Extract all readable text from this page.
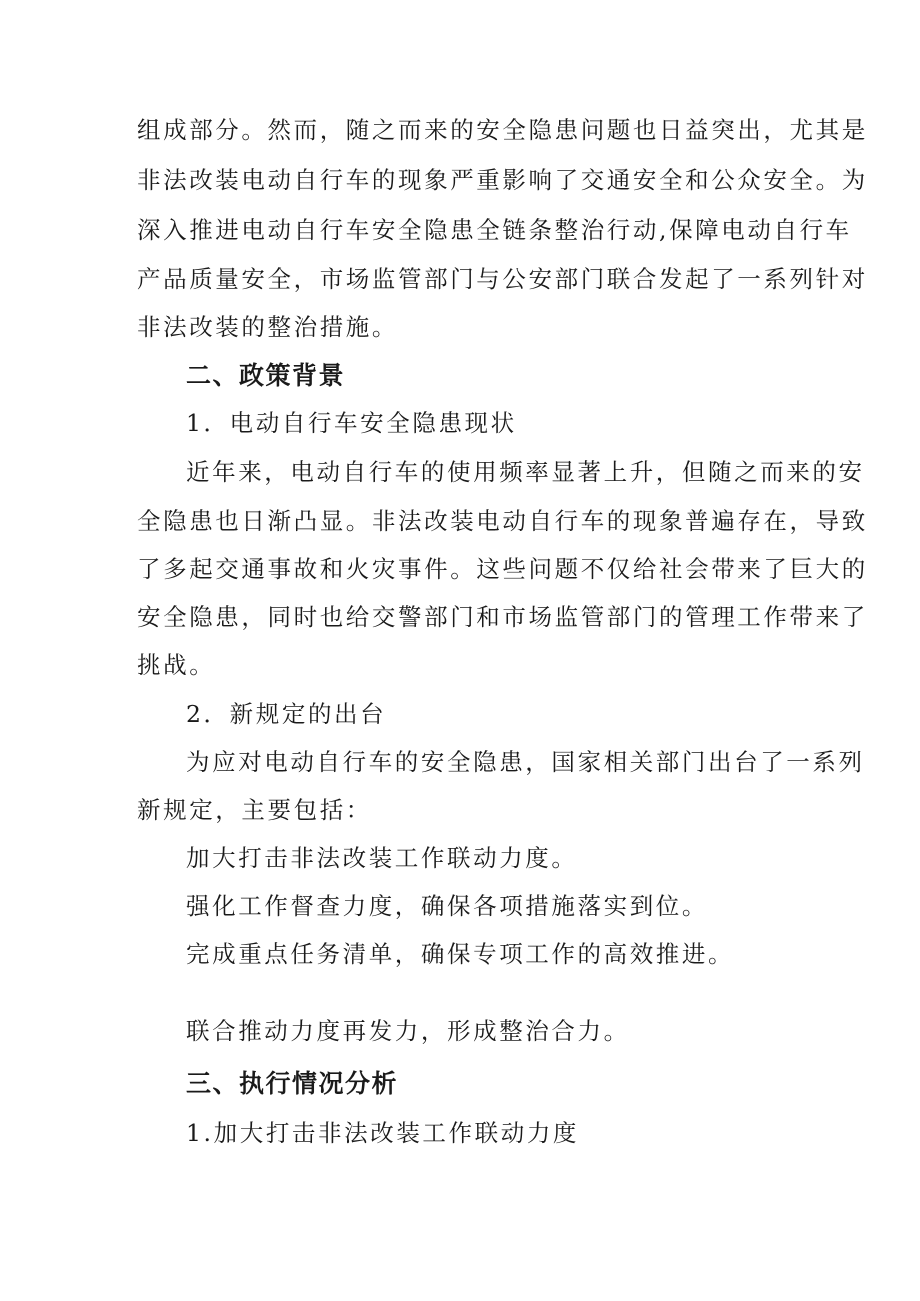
组成部分。然而，随之而来的安全隐患问题也日益突出，尤其是
非法改装电动自行车的现象严重影响了交通安全和公众安全。为
深入推进电动自行车安全隐患全链条整治行动,保障电动自行车
产品质量安全，市场监管部门与公安部门联合发起了一系列针对
非法改装的整治措施。
二、政策背景
1．电动自行车安全隐患现状
近年来，电动自行车的使用频率显著上升，但随之而来的安
全隐患也日渐凸显。非法改装电动自行车的现象普遍存在，导致
了多起交通事故和火灾事件。这些问题不仅给社会带来了巨大的
安全隐患，同时也给交警部门和市场监管部门的管理工作带来了
挑战。
2．新规定的出台
为应对电动自行车的安全隐患，国家相关部门出台了一系列
新规定，主要包括：
加大打击非法改装工作联动力度。
强化工作督查力度，确保各项措施落实到位。
完成重点任务清单，确保专项工作的高效推进。
联合推动力度再发力，形成整治合力。
三、执行情况分析
1.加大打击非法改装工作联动力度
